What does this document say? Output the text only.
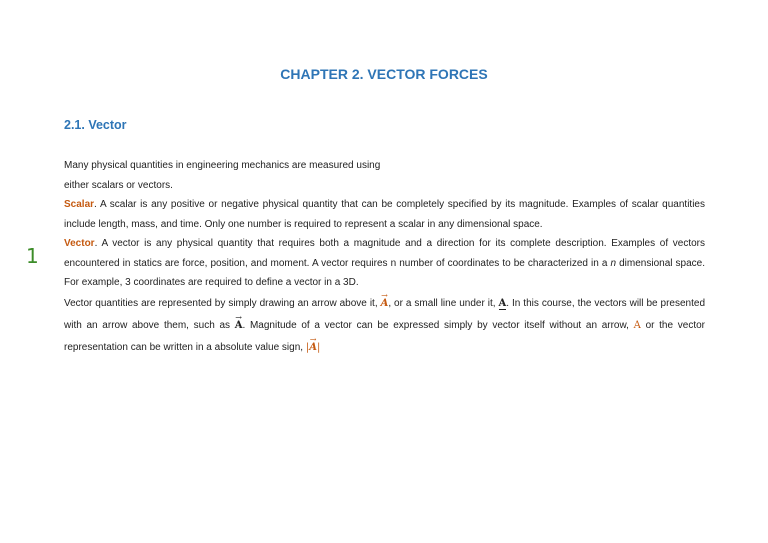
CHAPTER 2. VECTOR FORCES
2.1. Vector
1

Many physical quantities in engineering mechanics are measured using

either scalars or vectors.

Scalar. A scalar is any positive or negative physical quantity that can be completely specified by its magnitude. Examples of scalar quantities include length, mass, and time. Only one number is required to represent a scalar in any dimensional space.

Vector. A vector is any physical quantity that requires both a magnitude and a direction for its complete description. Examples of vectors encountered in statics are force, position, and moment. A vector requires n number of coordinates to be characterized in a n dimensional space. For example, 3 coordinates are required to define a vector in a 3D.

Vector quantities are represented by simply drawing an arrow above it, → A, or a small line under it, A. In this course, the vectors will be presented with an arrow above them, such as → A. Magnitude of a vector can be expressed simply by vector itself without an arrow, A or the vector representation can be written in a absolute value sign, |→ A|
